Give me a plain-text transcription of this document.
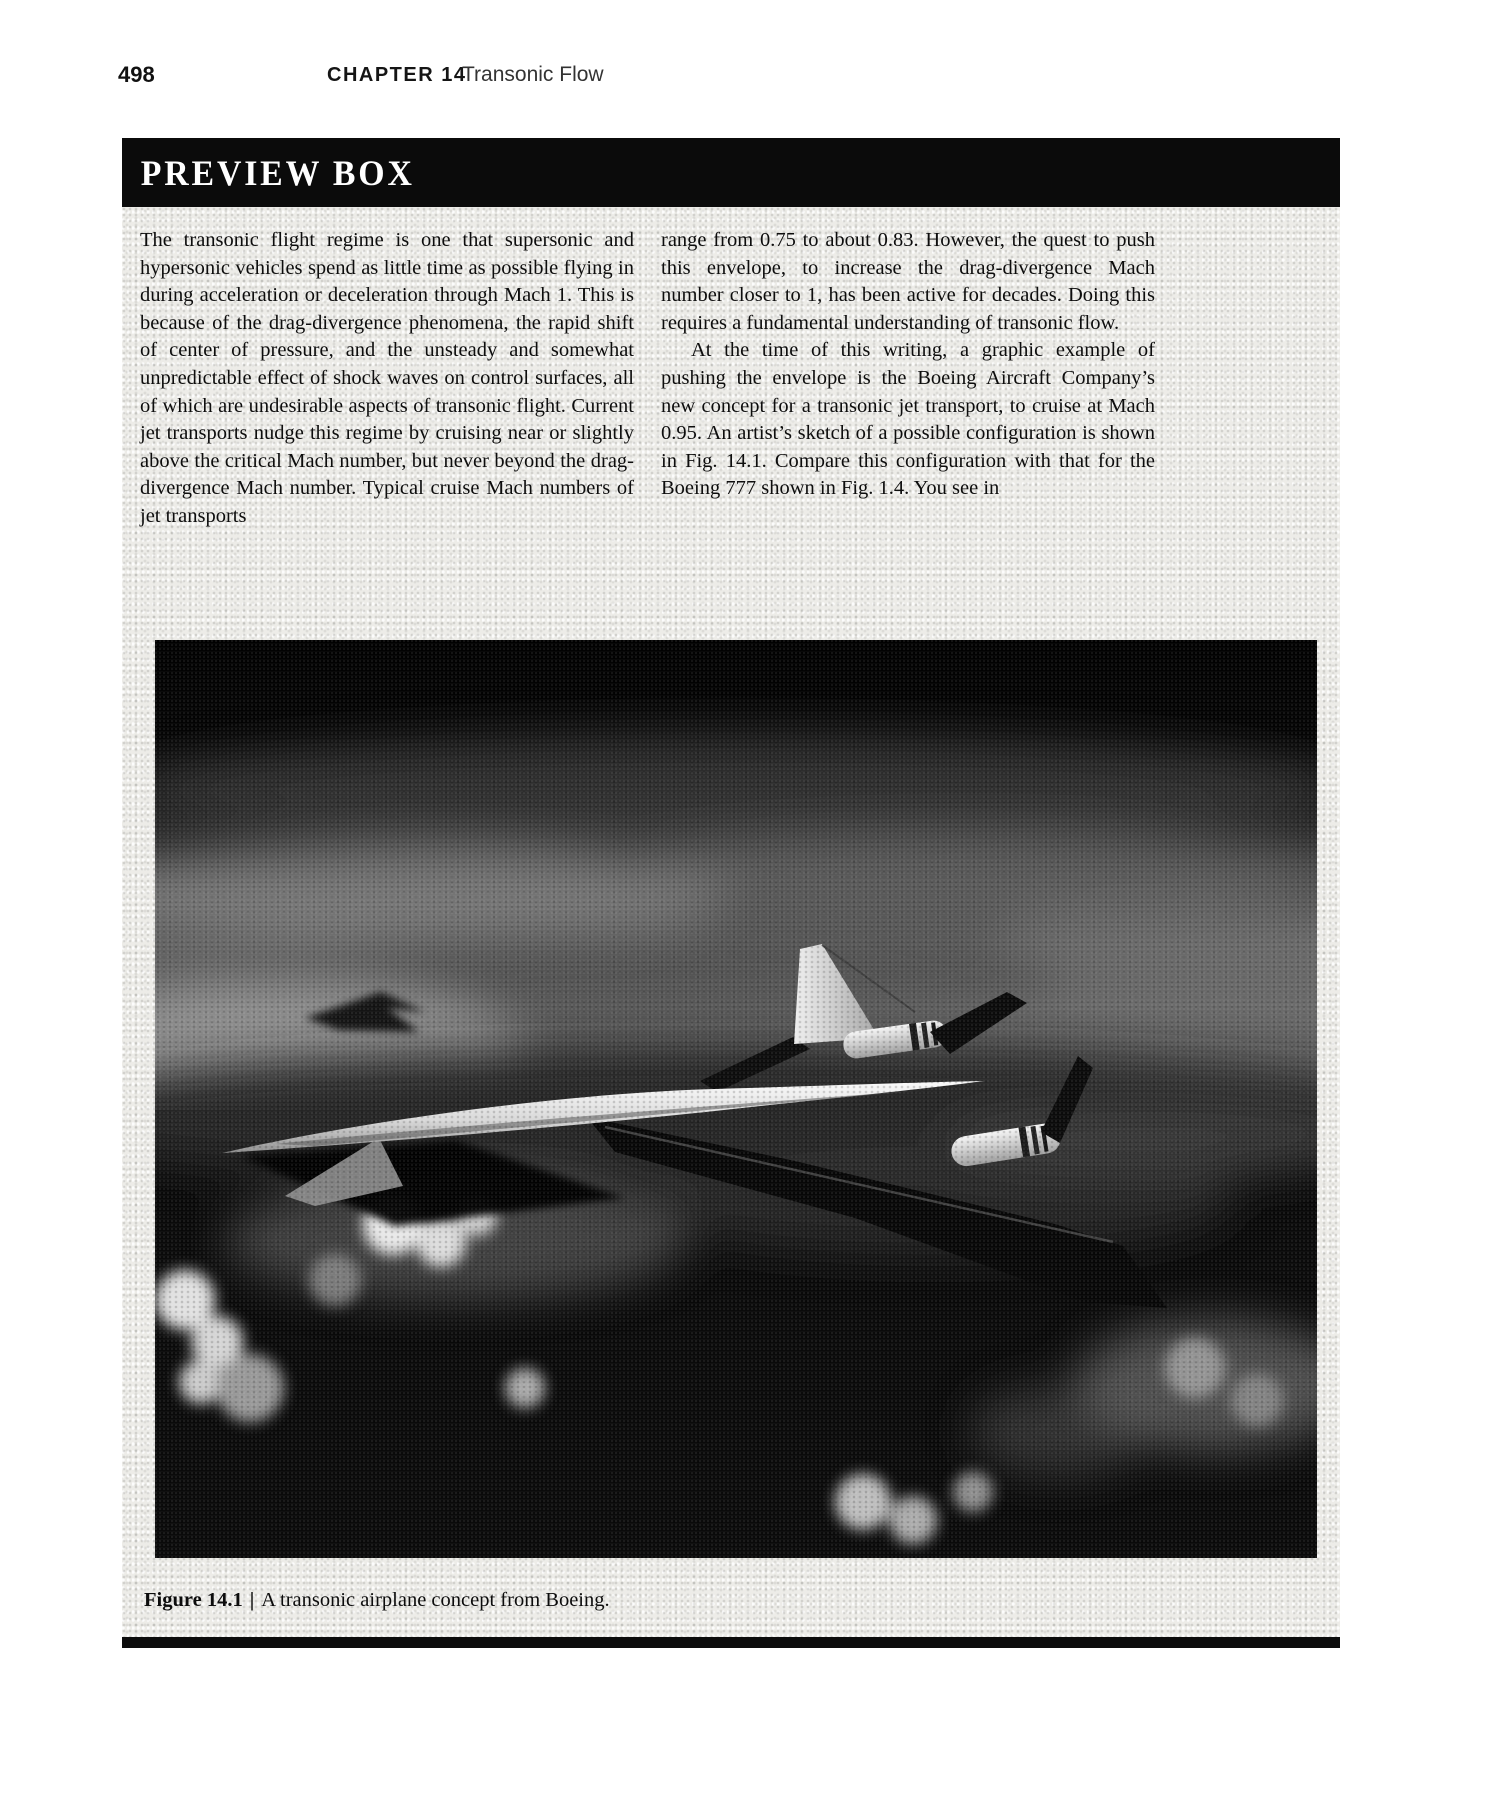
498	CHAPTER 14
Transonic Flow
PREVIEW BOX

The transonic flight regime is one that supersonic and hypersonic vehicles spend as little time as possible flying in during acceleration or deceleration through Mach 1. This is because of the drag-divergence phenomena, the rapid shift of center of pressure, and the unsteady and somewhat unpredictable effect of shock waves on control surfaces, all of which are undesirable aspects of transonic flight. Current jet transports nudge this regime by cruising near or slightly above the critical Mach number, but never beyond the drag-divergence Mach number. Typical cruise Mach numbers of jet transports

range from 0.75 to about 0.83. However, the quest to push this envelope, to increase the drag-divergence Mach number closer to 1, has been active for decades. Doing this requires a fundamental understanding of transonic flow.

At the time of this writing, a graphic example of pushing the envelope is the Boeing Aircraft Company’s new concept for a transonic jet transport, to cruise at Mach 0.95. An artist’s sketch of a possible configuration is shown in Fig. 14.1. Compare this configuration with that for the Boeing 777 shown in Fig. 1.4. You see in

Figure 14.1 | A transonic airplane concept from Boeing.
